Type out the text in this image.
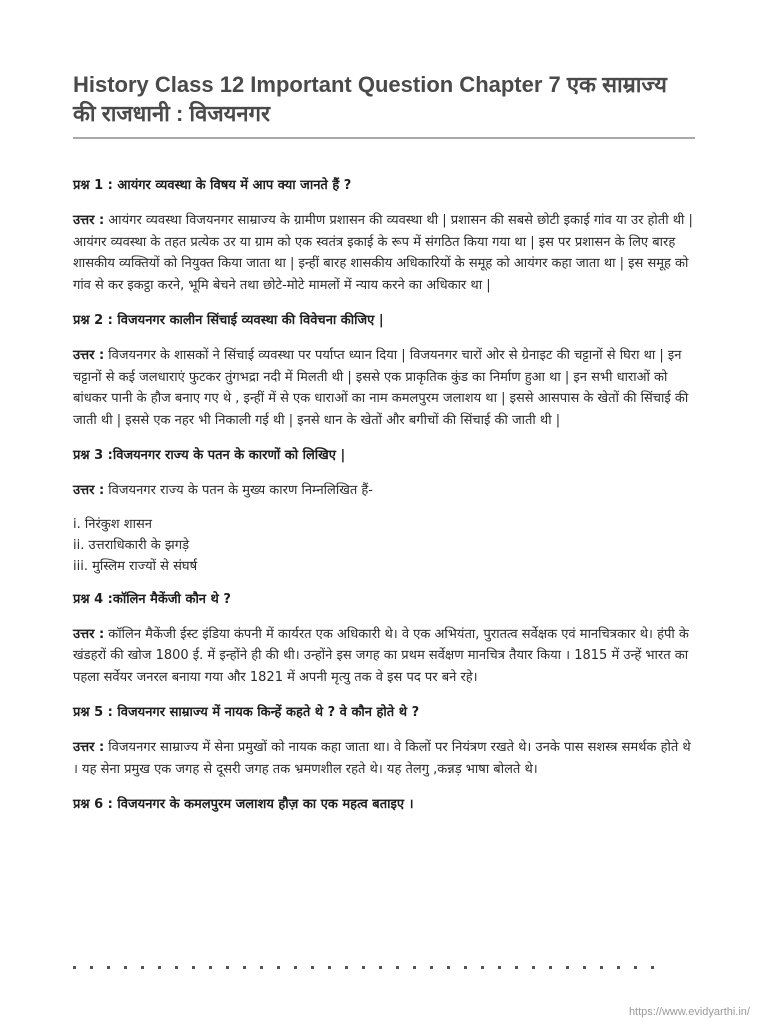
History Class 12 Important Question Chapter 7 एक साम्राज्य की राजधानी : विजयनगर

प्रश्न 1 : आयंगर व्यवस्था के विषय में आप क्या जानते हैं ?

उत्तर : आयंगर व्यवस्था विजयनगर साम्राज्य के ग्रामीण प्रशासन की व्यवस्था थी | प्रशासन की सबसे छोटी इकाई गांव या उर होती थी | आयंगर व्यवस्था के तहत प्रत्येक उर या ग्राम को एक स्वतंत्र इकाई के रूप में संगठित किया गया था | इस पर प्रशासन के लिए बारह शासकीय व्यक्तियों को नियुक्त किया जाता था | इन्हीं बारह शासकीय अधिकारियों के समूह को आयंगर कहा जाता था | इस समूह को गांव से कर इकट्ठा करने, भूमि बेचने तथा छोटे-मोटे मामलों में न्याय करने का अधिकार था |

प्रश्न 2 : विजयनगर कालीन सिंचाई व्यवस्था की विवेचना कीजिए |

उत्तर : विजयनगर के शासकों ने सिंचाई व्यवस्था पर पर्याप्त ध्यान दिया | विजयनगर चारों ओर से ग्रेनाइट की चट्टानों से घिरा था | इन चट्टानों से कई जलधाराएं फुटकर तुंगभद्रा नदी में मिलती थी | इससे एक प्राकृतिक कुंड का निर्माण हुआ था | इन सभी धाराओं को बांधकर पानी के हौज बनाए गए थे , इन्हीं में से एक धाराओं का नाम कमलपुरम जलाशय था | इससे आसपास के खेतों की सिंचाई की जाती थी | इससे एक नहर भी निकाली गई थी | इनसे धान के खेतों और बगीचों की सिंचाई की जाती थी |

प्रश्न 3 :विजयनगर राज्य के पतन के कारणों को लिखिए |

उत्तर : विजयनगर राज्य के पतन के मुख्य कारण निम्नलिखित हैं-

i. निरंकुश शासन
ii. उत्तराधिकारी के झगड़े
iii. मुस्लिम राज्यों से संघर्ष

प्रश्न 4 :कॉलिन मैकेंजी कौन थे ?

उत्तर : कॉलिन मैकेंजी ईस्ट इंडिया कंपनी में कार्यरत एक अधिकारी थे। वे एक अभियंता, पुरातत्व सर्वेक्षक एवं मानचित्रकार थे। हंपी के खंडहरों की खोज 1800 ई. में इन्होंने ही की थी। उन्होंने इस जगह का प्रथम सर्वेक्षण मानचित्र तैयार किया । 1815 में उन्हें भारत का पहला सर्वेयर जनरल बनाया गया और 1821 में अपनी मृत्यु तक वे इस पद पर बने रहे।

प्रश्न 5 : विजयनगर साम्राज्य में नायक किन्हें कहते थे ? वे कौन होते थे ?

उत्तर : विजयनगर साम्राज्य में सेना प्रमुखों को नायक कहा जाता था। वे किलों पर नियंत्रण रखते थे। उनके पास सशस्त्र समर्थक होते थे । यह सेना प्रमुख एक जगह से दूसरी जगह तक भ्रमणशील रहते थे। यह तेलगु ,कन्नड़ भाषा बोलते थे।

प्रश्न 6 : विजयनगर के कमलपुरम जलाशय हौज़ का एक महत्व बताइए ।

https://www.evidyarthi.in/
